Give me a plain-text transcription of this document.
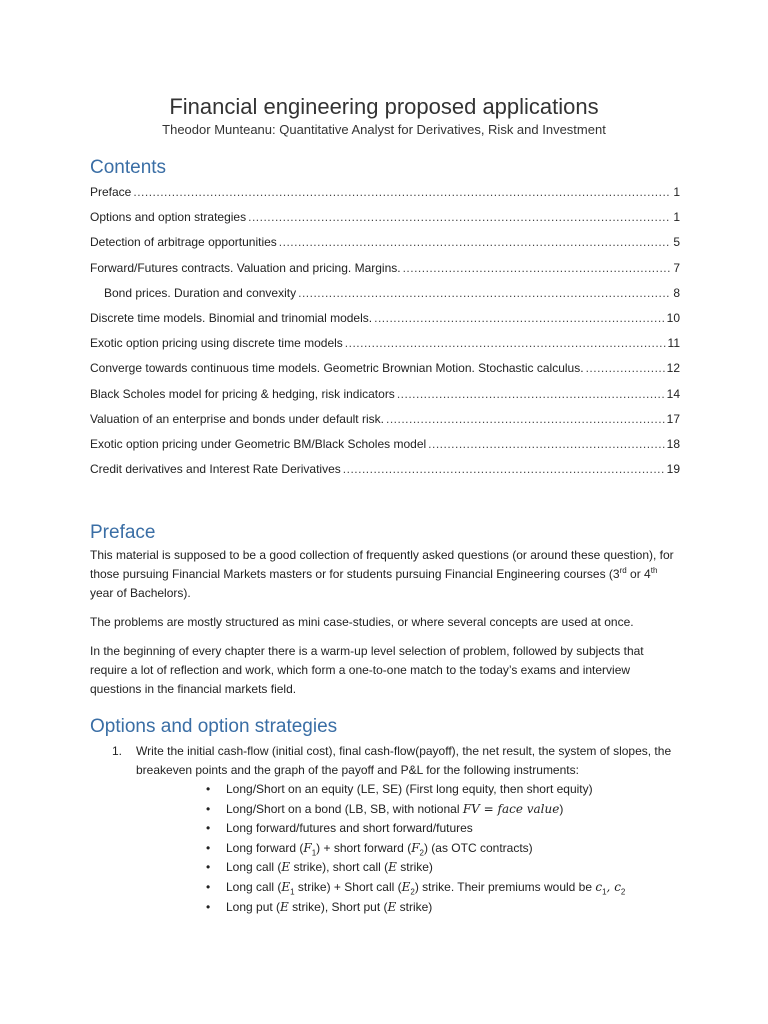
Financial engineering proposed applications

Theodor Munteanu: Quantitative Analyst for Derivatives, Risk and Investment

Contents
Preface .....	1
Options and option strategies .....	1
Detection of arbitrage opportunities .....	5
Forward/Futures contracts. Valuation and pricing. Margins. .....	7
Bond prices. Duration and convexity .....	8
Discrete time models. Binomial and trinomial models. .....	10
Exotic option pricing using discrete time models .....	11
Converge towards continuous time models. Geometric Brownian Motion. Stochastic calculus. .....	12
Black Scholes model for pricing & hedging, risk indicators .....	14
Valuation of an enterprise and bonds under default risk. .....	17
Exotic option pricing under Geometric BM/Black Scholes model .....	18
Credit derivatives and Interest Rate Derivatives .....	19
Preface

This material is supposed to be a good collection of frequently asked questions (or around these question), for those pursuing Financial Markets masters or for students pursuing Financial Engineering courses (3rd or 4th year of Bachelors).

The problems are mostly structured as mini case-studies, or where several concepts are used at once.

In the beginning of every chapter there is a warm-up level selection of problem, followed by subjects that require a lot of reflection and work, which form a one-to-one match to the today’s exams and interview questions in the financial markets field.

Options and option strategies
1. Write the initial cash-flow (initial cost), final cash-flow(payoff), the net result, the system of slopes, the breakeven points and the graph of the payoff and P&L for the following instruments:
• Long/Short on an equity (LE, SE) (First long equity, then short equity)
• Long/Short on a bond (LB, SB, with notional FV = face value)
• Long forward/futures and short forward/futures
• Long forward $(F_1)$ + short forward $(F_2)$ (as OTC contracts)
• Long call (E strike), short call (E strike)
• Long call ($E_1$ strike) + Short call $(E_2)$ strike. Their premiums would be $c_1$, $c_2$
• Long put (E strike), Short put (E strike)
